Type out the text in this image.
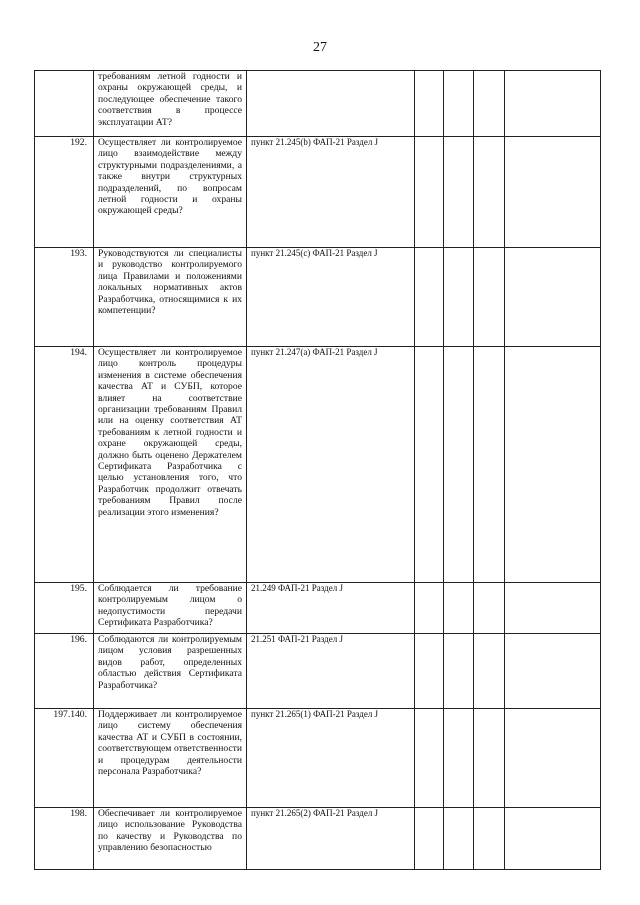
27
	требованиям летной годности и охраны окружающей среды, и последующее обеспечение такого соответствия в процессе эксплуатации АТ?					
192.	Осуществляет ли контролируемое лицо взаимодействие между структурными подразделениями, а также внутри структурных подразделений, по вопросам летной годности и охраны окружающей среды?	пункт 21.245(b) ФАП-21 Раздел J				
193.	Руководствуются ли специалисты и руководство контролируемого лица Правилами и положениями локальных нормативных актов Разработчика, относящимися к их компетенции?	пункт 21.245(c) ФАП-21 Раздел J				
194.	Осуществляет ли контролируемое лицо контроль процедуры изменения в системе обеспечения качества АТ и СУБП, которое влияет на соответствие организации требованиям Правил или на оценку соответствия АТ требованиям к летной годности и охране окружающей среды, должно быть оценено Держателем Сертификата Разработчика с целью установления того, что Разработчик продолжит отвечать требованиям Правил после реализации этого изменения?	пункт 21.247(a) ФАП-21 Раздел J				
195.	Соблюдается ли требование контролируемым лицом о недопустимости передачи Сертификата Разработчика?	21.249 ФАП-21 Раздел J				
196.	Соблюдаются ли контролируемым лицом условия разрешенных видов работ, определенных областью действия Сертификата Разработчика?	21.251 ФАП-21 Раздел J				
197.140.	Поддерживает ли контролируемое лицо систему обеспечения качества АТ и СУБП в состоянии, соответствующем ответственности и процедурам деятельности персонала Разработчика?	пункт 21.265(1) ФАП-21 Раздел J				
198.	Обеспечивает ли контролируемое лицо использование Руководства по качеству и Руководства по управлению безопасностью	пункт 21.265(2) ФАП-21 Раздел J				
